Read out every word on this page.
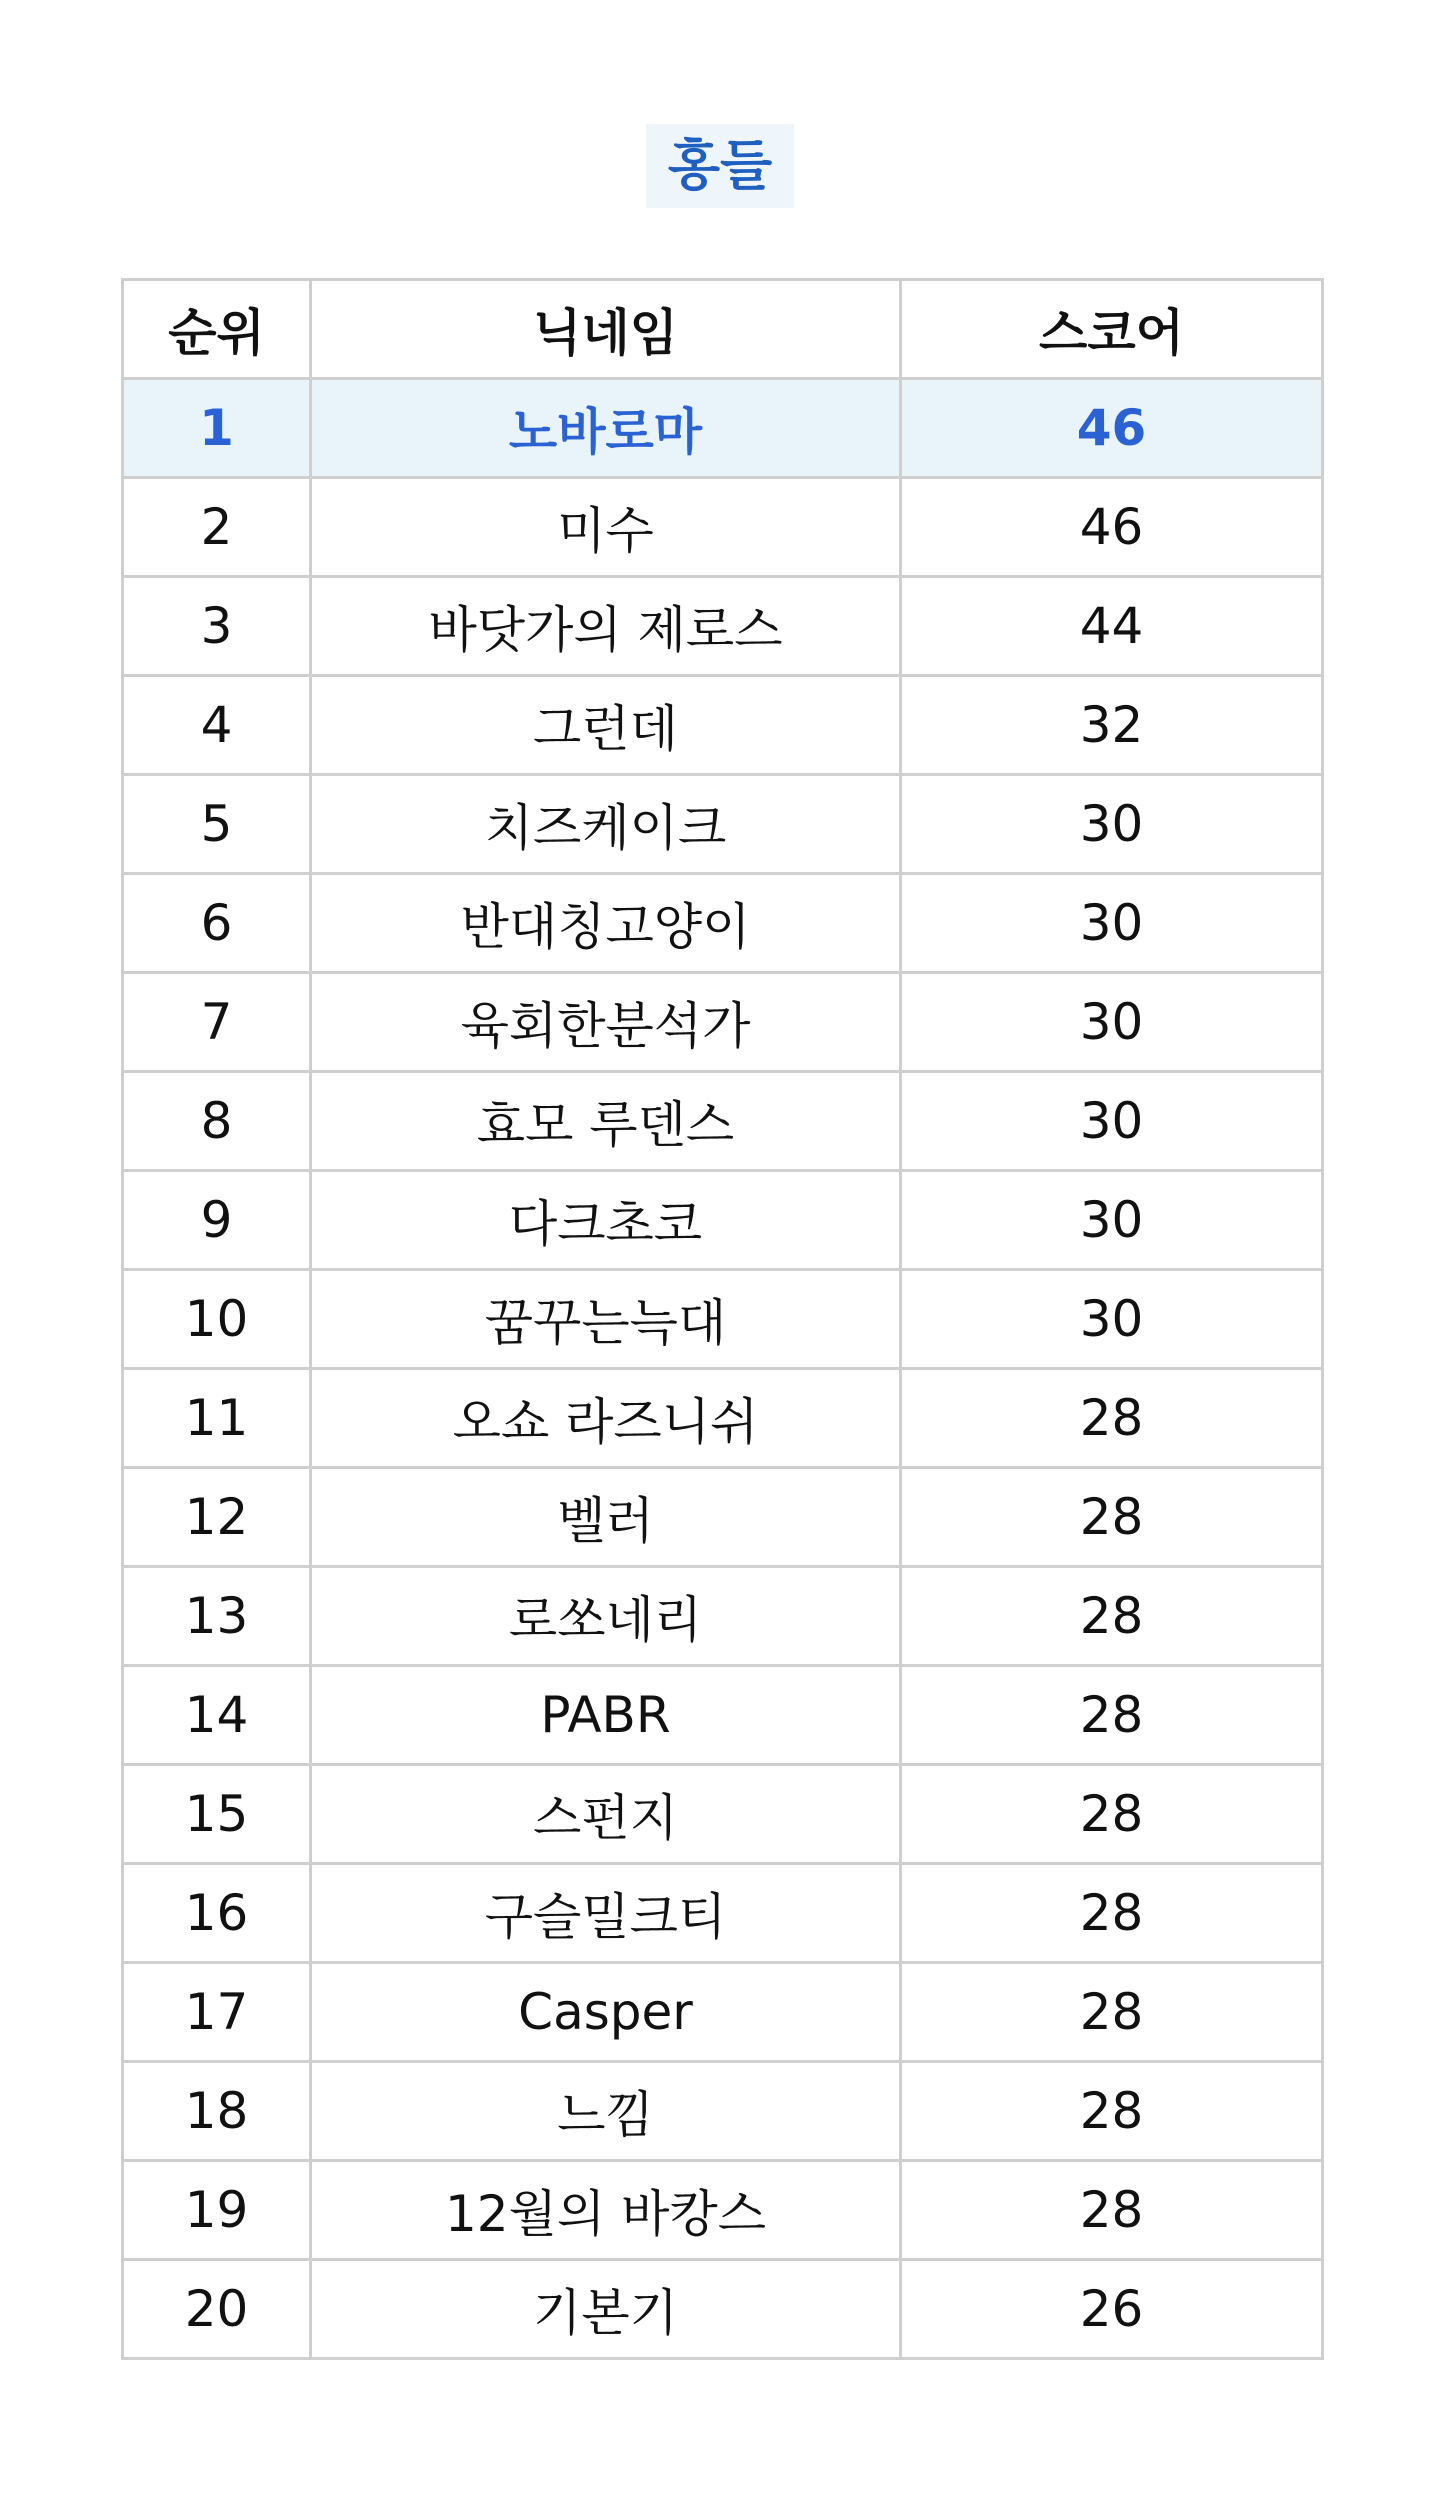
홍들
순위	닉네임	스코어
1	노바로마	46
2	미수	46
3	바닷가의 제로스	44
4	그런데	32
5	치즈케이크	30
6	반대칭고양이	30
7	육회한분석가	30
8	효모 루덴스	30
9	다크초코	30
10	꿈꾸는늑대	30
11	오쇼 라즈니쉬	28
12	벨러	28
13	로쏘네리	28
14	PABR	28
15	스펀지	28
16	구슬밀크티	28
17	Casper	28
18	느낌	28
19	12월의 바캉스	28
20	기본기	26
